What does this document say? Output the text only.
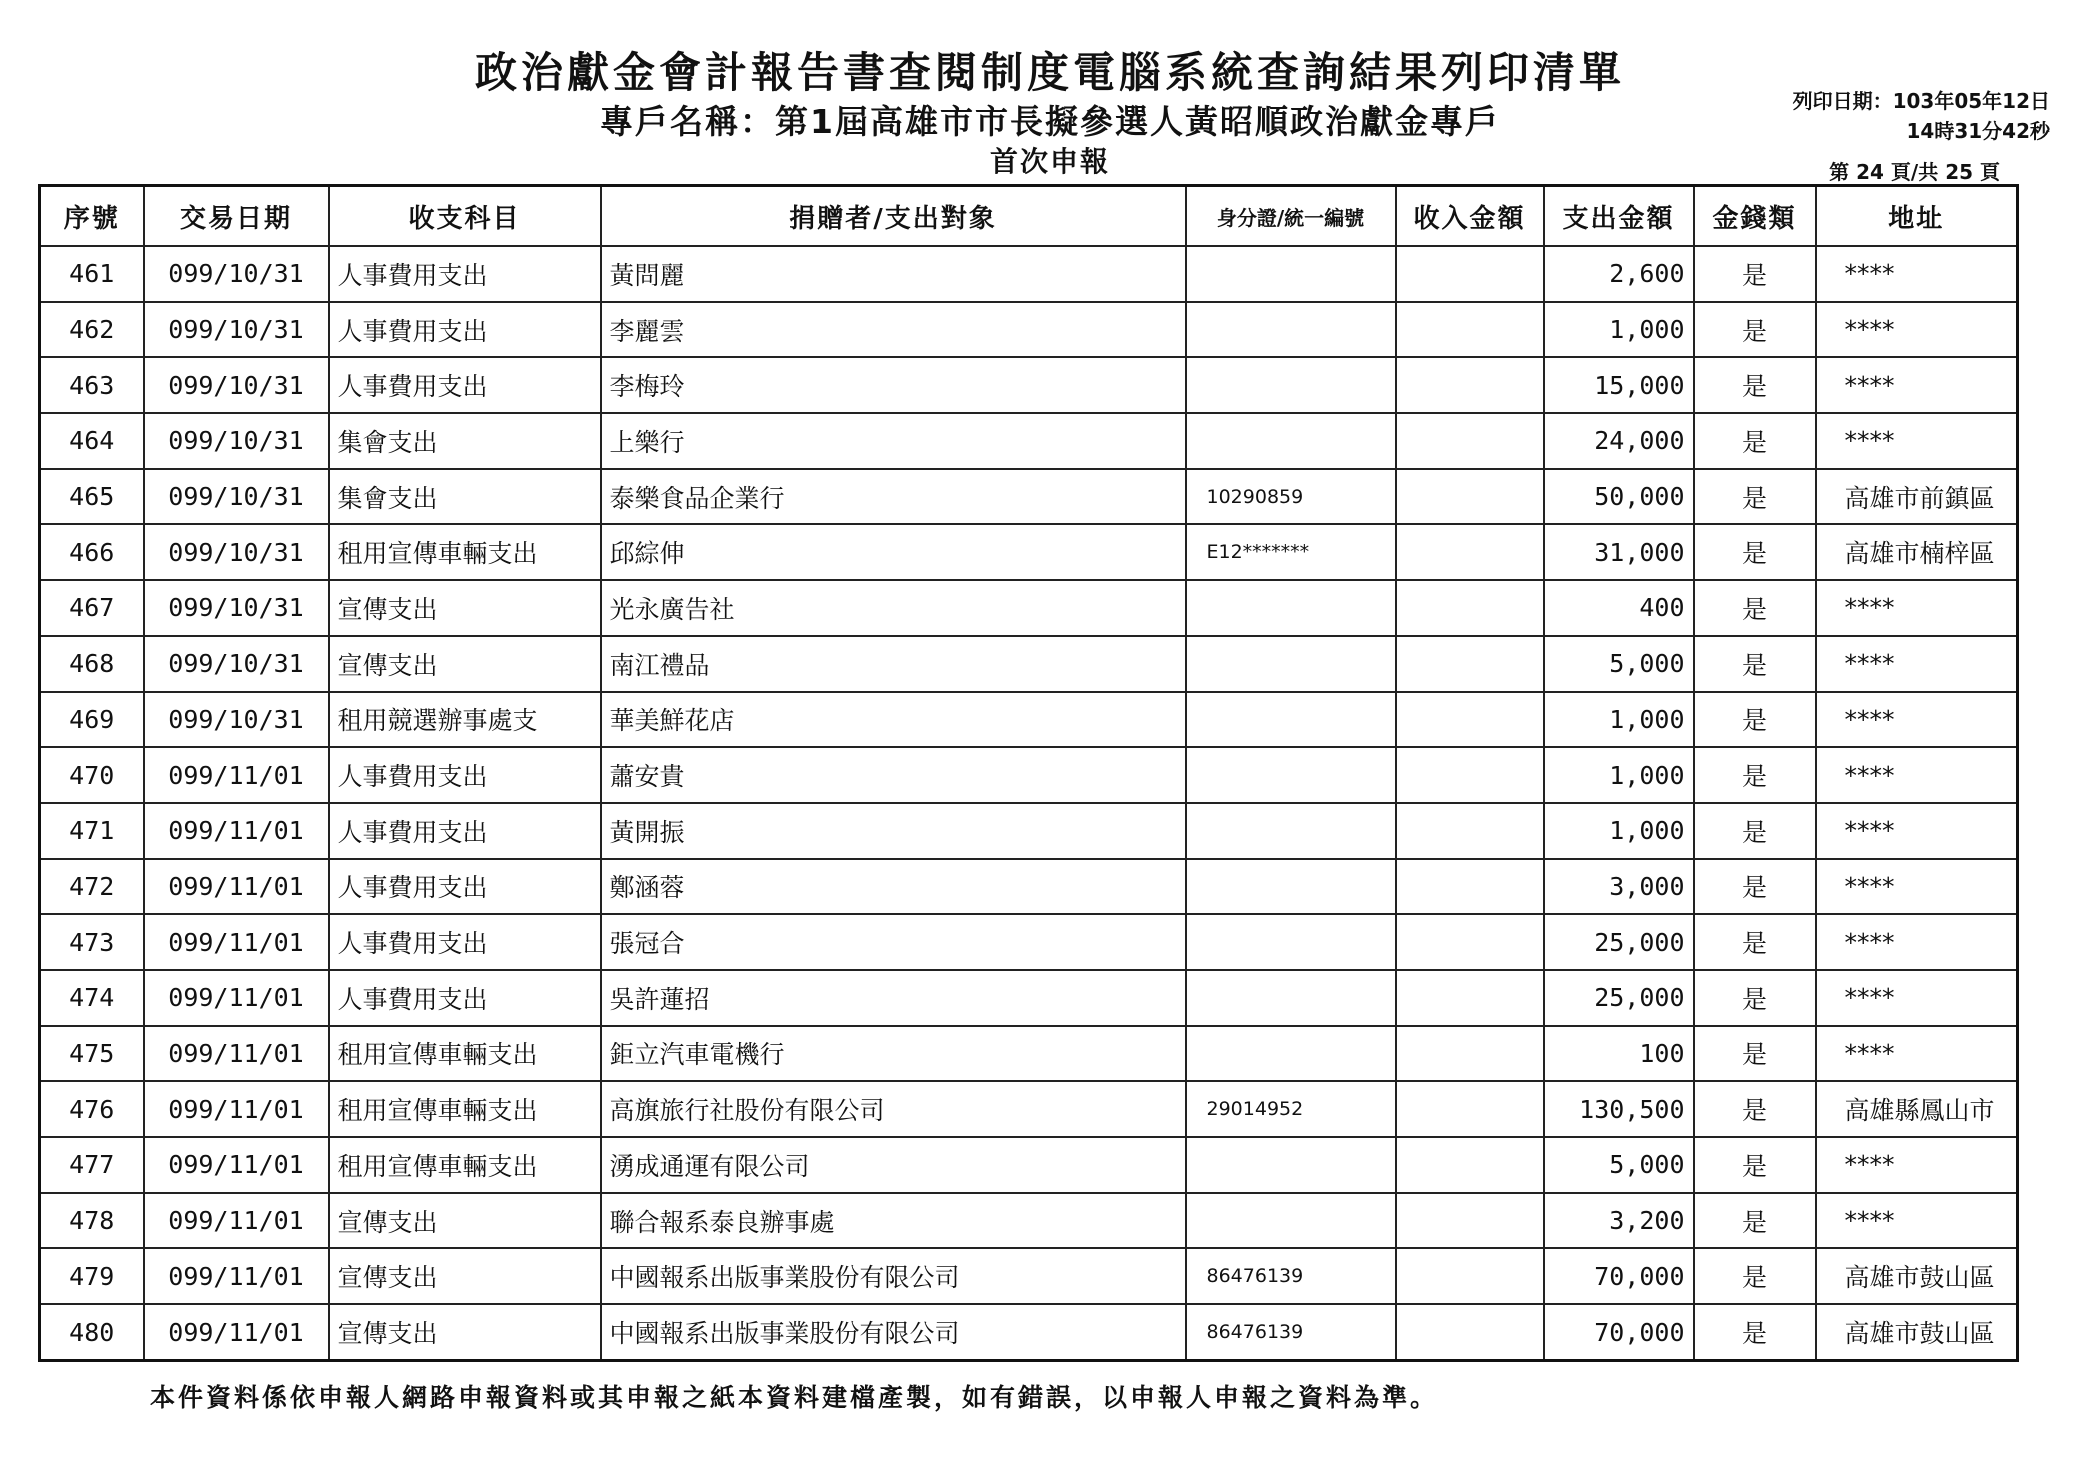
政治獻金會計報告書查閱制度電腦系統查詢結果列印清單
專戶名稱：第1屆高雄市市長擬參選人黃昭順政治獻金專戶
首次申報
列印日期：103年05年12日
14時31分42秒
第 24 頁/共 25 頁
序號	交易日期	收支科目	捐贈者/支出對象	身分證/統一編號	收入金額	支出金額	金錢類	地址
461	099/10/31	人事費用支出	黃問麗			2,600	是	****
462	099/10/31	人事費用支出	李麗雲			1,000	是	****
463	099/10/31	人事費用支出	李梅玲			15,000	是	****
464	099/10/31	集會支出	上樂行			24,000	是	****
465	099/10/31	集會支出	泰樂食品企業行	10290859		50,000	是	高雄市前鎮區
466	099/10/31	租用宣傳車輛支出	邱綜伸	E12*******		31,000	是	高雄市楠梓區
467	099/10/31	宣傳支出	光永廣告社			400	是	****
468	099/10/31	宣傳支出	南江禮品			5,000	是	****
469	099/10/31	租用競選辦事處支	華美鮮花店			1,000	是	****
470	099/11/01	人事費用支出	蕭安貴			1,000	是	****
471	099/11/01	人事費用支出	黃開振			1,000	是	****
472	099/11/01	人事費用支出	鄭涵蓉			3,000	是	****
473	099/11/01	人事費用支出	張冠合			25,000	是	****
474	099/11/01	人事費用支出	吳許蓮招			25,000	是	****
475	099/11/01	租用宣傳車輛支出	鉅立汽車電機行			100	是	****
476	099/11/01	租用宣傳車輛支出	高旗旅行社股份有限公司	29014952		130,500	是	高雄縣鳳山市
477	099/11/01	租用宣傳車輛支出	湧成通運有限公司			5,000	是	****
478	099/11/01	宣傳支出	聯合報系泰良辦事處			3,200	是	****
479	099/11/01	宣傳支出	中國報系出版事業股份有限公司	86476139		70,000	是	高雄市鼓山區
480	099/11/01	宣傳支出	中國報系出版事業股份有限公司	86476139		70,000	是	高雄市鼓山區
本件資料係依申報人網路申報資料或其申報之紙本資料建檔產製，如有錯誤，以申報人申報之資料為準。
